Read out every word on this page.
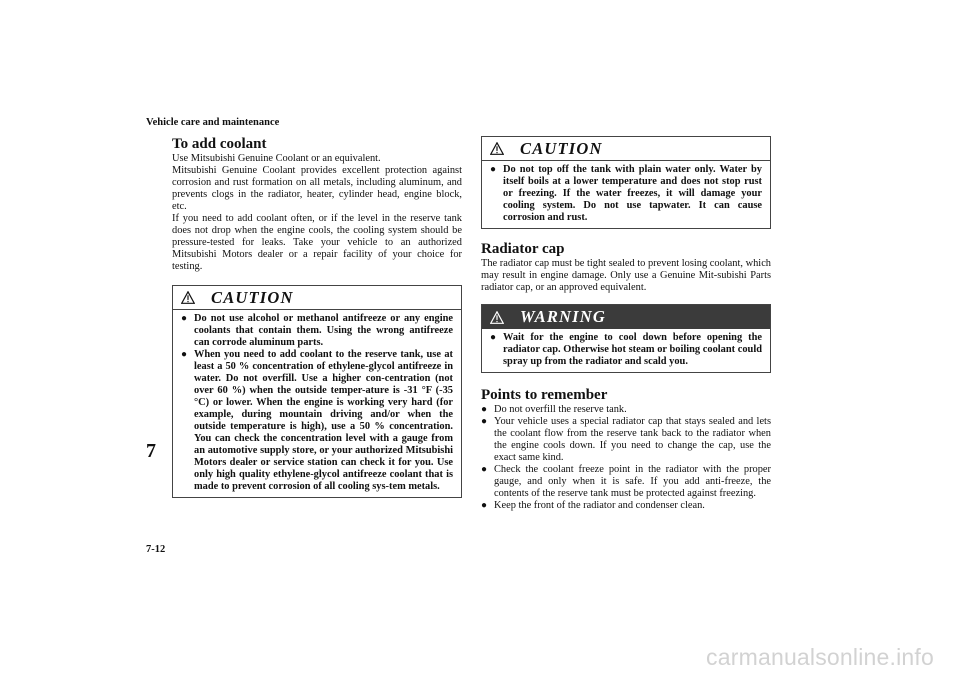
Vehicle care and maintenance
7
7-12
carmanualsonline.info
To add coolant
Use Mitsubishi Genuine Coolant or an equivalent.
Mitsubishi Genuine Coolant provides excellent protection against corrosion and rust formation on all metals, including aluminum, and prevents clogs in the radiator, heater, cylinder head, engine block, etc.
If you need to add coolant often, or if the level in the reserve tank does not drop when the engine cools, the cooling system should be pressure-tested for leaks. Take your vehicle to an authorized Mitsubishi Motors dealer or a repair facility of your choice for testing.
CAUTION
● Do not use alcohol or methanol antifreeze or any engine coolants that contain them. Using the wrong antifreeze can corrode aluminum parts.
● When you need to add coolant to the reserve tank, use at least a 50 % concentration of ethylene-glycol antifreeze in water. Do not overfill. Use a higher con-centration (not over 60 %) when the outside temper-ature is -31 °F (-35 °C) or lower. When the engine is working very hard (for example, during mountain driving and/or when the outside temperature is high), use a 50 % concentration. You can check the concentration level with a gauge from an automotive supply store, or your authorized Mitsubishi Motors dealer or service station can check it for you. Use only high quality ethylene-glycol antifreeze coolant that is made to prevent corrosion of all cooling sys-tem metals.
CAUTION
● Do not top off the tank with plain water only. Water by itself boils at a lower temperature and does not stop rust or freezing. If the water freezes, it will damage your cooling system. Do not use tapwater. It can cause corrosion and rust.
Radiator cap
The radiator cap must be tight sealed to prevent losing coolant, which may result in engine damage. Only use a Genuine Mit-subishi Parts radiator cap, or an approved equivalent.
WARNING
● Wait for the engine to cool down before opening the radiator cap. Otherwise hot steam or boiling coolant could spray up from the radiator and scald you.
Points to remember
● Do not overfill the reserve tank.
● Your vehicle uses a special radiator cap that stays sealed and lets the coolant flow from the reserve tank back to the radiator when the engine cools down. If you need to change the cap, use the exact same kind.
● Check the coolant freeze point in the radiator with the proper gauge, and only when it is safe. If you add anti-freeze, the contents of the reserve tank must be protected against freezing.
● Keep the front of the radiator and condenser clean.
